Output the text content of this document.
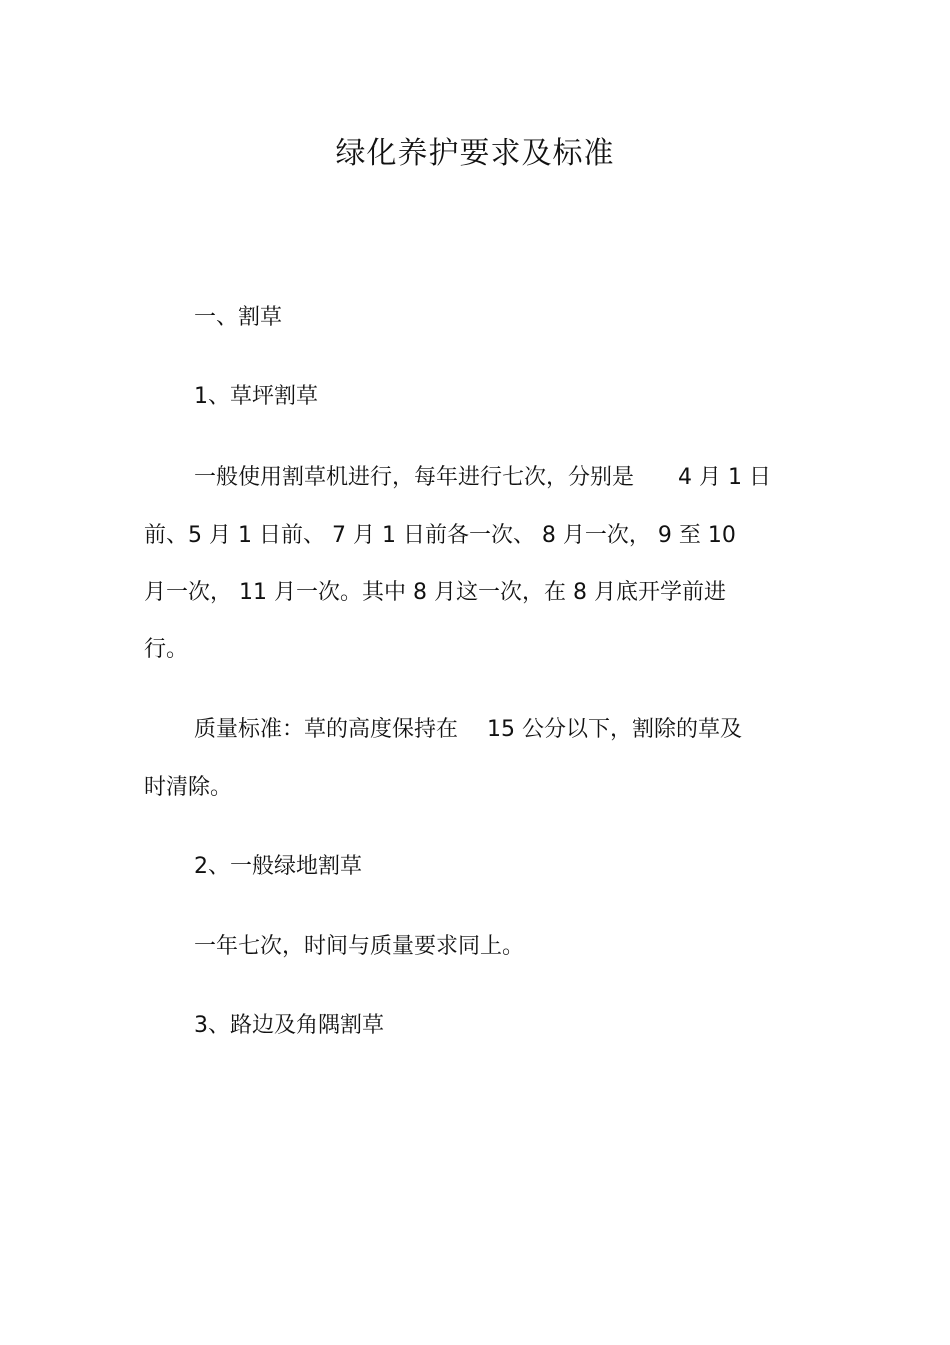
绿化养护要求及标准
一、割草
1、草坪割草
一般使用割草机进行，每年进行七次，分别是　　4 月 1 日
前、5 月 1 日前、 7 月 1 日前各一次、 8 月一次， 9 至 10
月一次， 11 月一次。其中 8 月这一次，在 8 月底开学前进
行。
质量标准：草的高度保持在　 15 公分以下，割除的草及
时清除。
2、一般绿地割草
一年七次，时间与质量要求同上。
3、路边及角隅割草
